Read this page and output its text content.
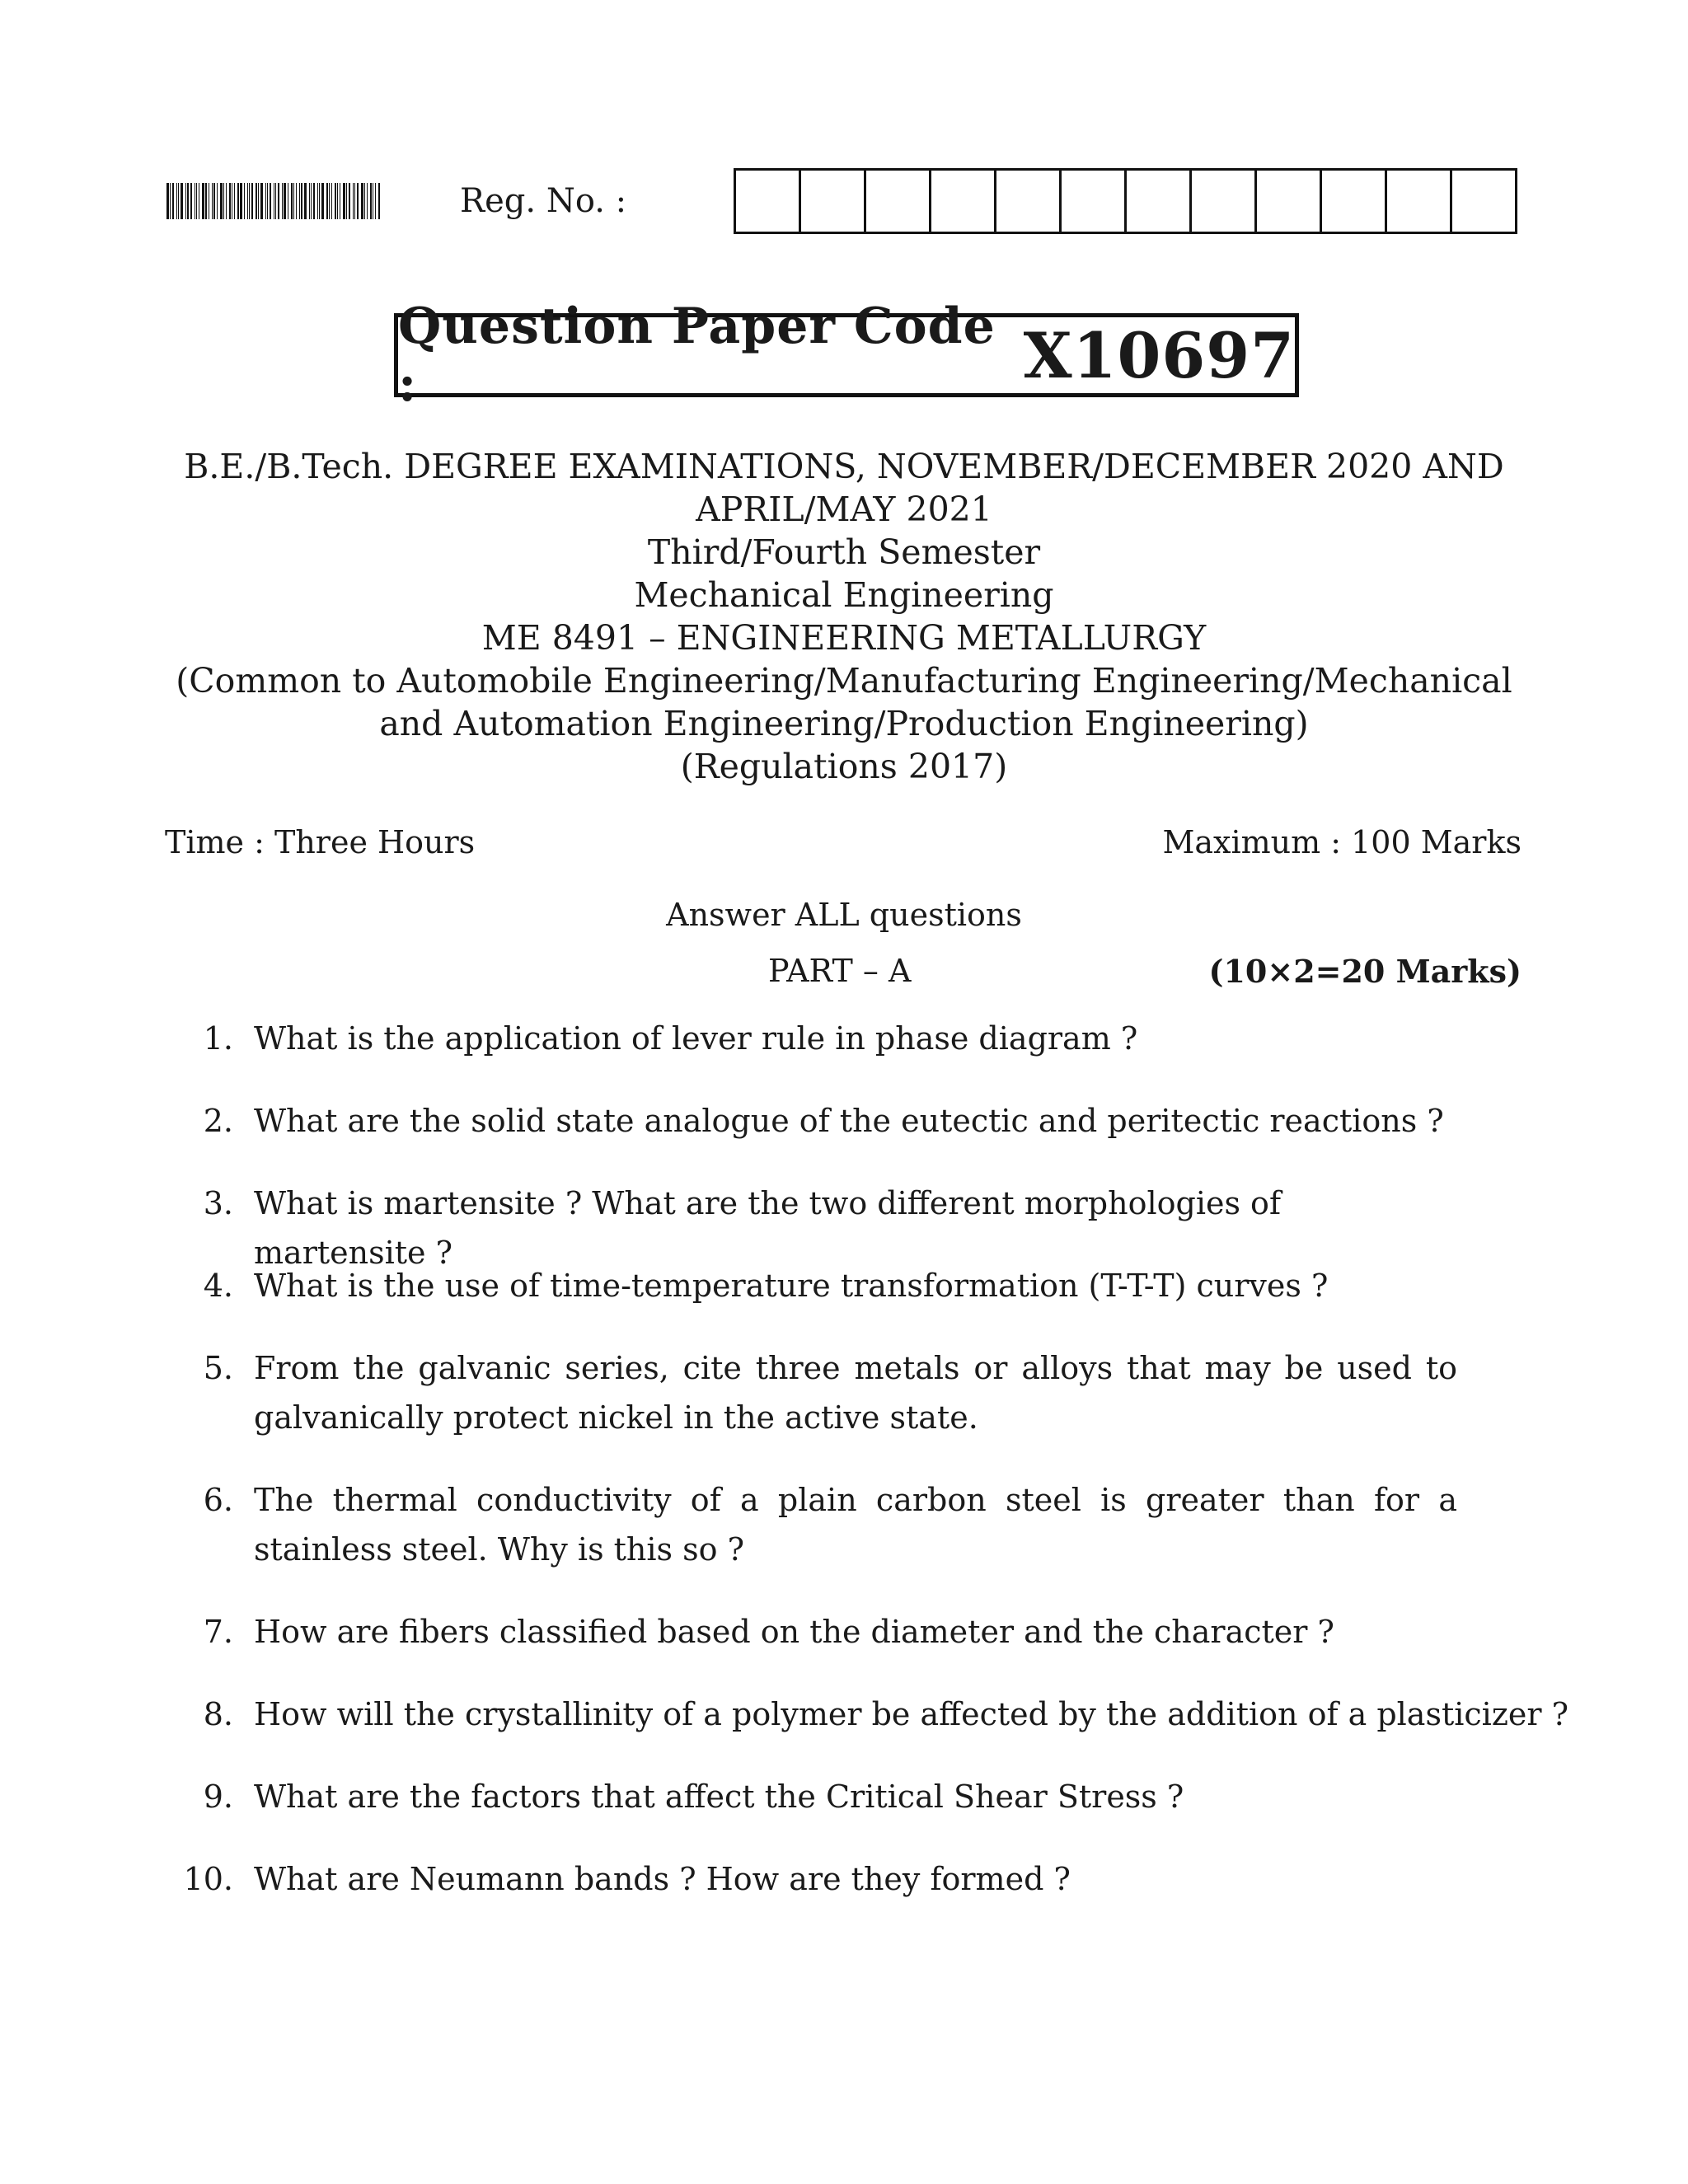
Reg. No. :
Question Paper Code :	X10697
B.E./B.Tech. DEGREE EXAMINATIONS, NOVEMBER/DECEMBER 2020 AND
APRIL/MAY 2021
Third/Fourth Semester
Mechanical Engineering
ME 8491 – ENGINEERING METALLURGY
(Common to Automobile Engineering/Manufacturing Engineering/Mechanical
and Automation Engineering/Production Engineering)
(Regulations 2017)
Time : Three Hours	Maximum : 100 Marks
Answer ALL questions
PART – A	(10×2=20 Marks)
1. What is the application of lever rule in phase diagram ?
2. What are the solid state analogue of the eutectic and peritectic reactions ?
3. What is martensite ? What are the two different morphologies of martensite ?
4. What is the use of time-temperature transformation (T-T-T) curves ?
5. From the galvanic series, cite three metals or alloys that may be used to galvanically protect nickel in the active state.
6. The thermal conductivity of a plain carbon steel is greater than for a stainless steel. Why is this so ?
7. How are fibers classified based on the diameter and the character ?
8. How will the crystallinity of a polymer be affected by the addition of a plasticizer ?
9. What are the factors that affect the Critical Shear Stress ?
10. What are Neumann bands ? How are they formed ?
